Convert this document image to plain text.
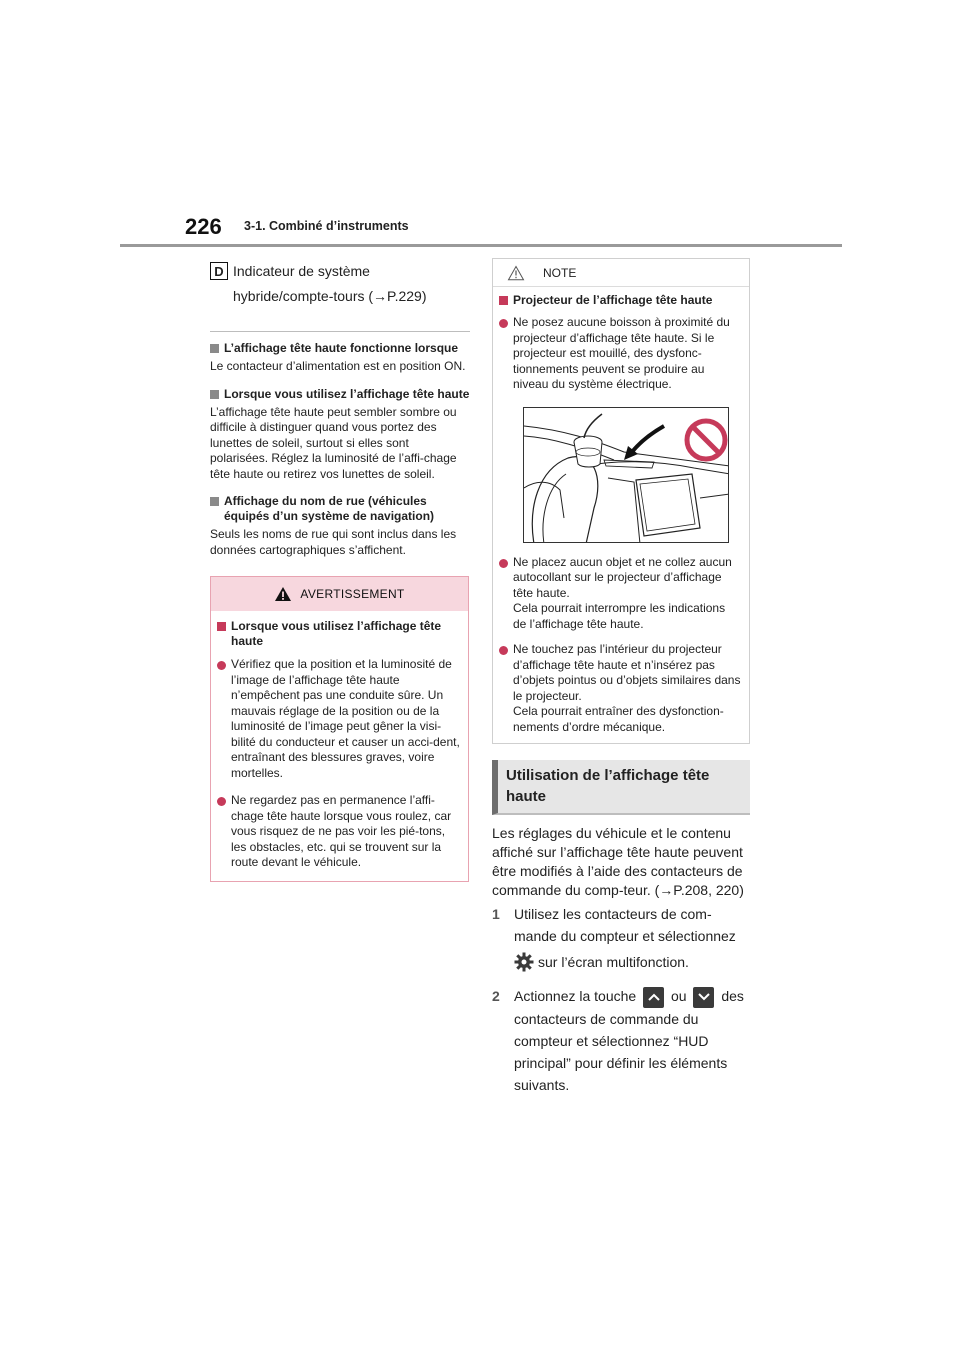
226 3-1. Combiné d’instruments
D Indicateur de système
hybride/compte-tours (→P.229)
L’affichage tête haute fonctionne lorsque
Le contacteur d’alimentation est en position ON.
Lorsque vous utilisez l’affichage tête haute
L’affichage tête haute peut sembler sombre ou difficile à distinguer quand vous portez des lunettes de soleil, surtout si elles sont polarisées. Réglez la luminosité de l’affi-chage tête haute ou retirez vos lunettes de soleil.
Affichage du nom de rue (véhicules équipés d’un système de navigation)
Seuls les noms de rue qui sont inclus dans les données cartographiques s’affichent.
AVERTISSEMENT
Lorsque vous utilisez l’affichage tête haute
Vérifiez que la position et la luminosité de l’image de l’affichage tête haute n’empêchent pas une conduite sûre. Un mauvais réglage de la position ou de la luminosité de l’image peut gêner la visi-bilité du conducteur et causer un acci-dent, entraînant des blessures graves, voire mortelles.
Ne regardez pas en permanence l’affi-chage tête haute lorsque vous roulez, car vous risquez de ne pas voir les pié-tons, les obstacles, etc. qui se trouvent sur la route devant le véhicule.
NOTE
Projecteur de l’affichage tête haute
Ne posez aucune boisson à proximité du projecteur d’affichage tête haute. Si le projecteur est mouillé, des dysfonc-tionnements peuvent se produire au niveau du système électrique.
Ne placez aucun objet et ne collez aucun autocollant sur le projecteur d’affichage tête haute.
Cela pourrait interrompre les indications de l’affichage tête haute.
Ne touchez pas l’intérieur du projecteur d’affichage tête haute et n’insérez pas d’objets pointus ou d’objets similaires dans le projecteur.
Cela pourrait entraîner des dysfonction-nements d’ordre mécanique.
Utilisation de l’affichage tête haute
Les réglages du véhicule et le contenu affiché sur l’affichage tête haute peuvent être modifiés à l’aide des contacteurs de commande du comp-teur. (→P.208, 220)
1 Utilisez les contacteurs de com-
mande du compteur et sélectionnez
sur l’écran multifonction.
2 Actionnez la touche ou des
contacteurs de commande du
compteur et sélectionnez “HUD
principal” pour définir les éléments
suivants.
